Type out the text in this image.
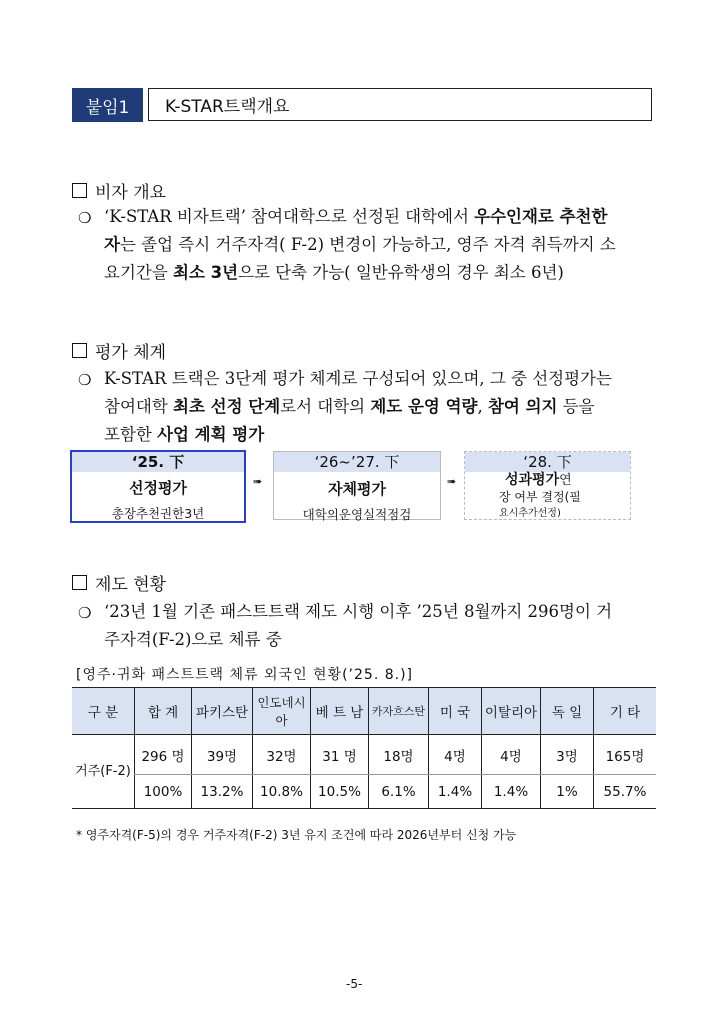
붙임1	K-STAR트랙개요
비자 개요
❍ ‘K-STAR 비자트랙’ 참여대학으로 선정된 대학에서 우수인재로 추천한
자는 졸업 즉시 거주자격( F-2) 변경이 가능하고, 영주 자격 취득까지 소
요기간을 최소 3년으로 단축 가능( 일반유학생의 경우 최소 6년)
평가 체계
❍ K-STAR 트랙은 3단계 평가 체계로 구성되어 있으며, 그 중 선정평가는
참여대학 최초 선정 단계로서 대학의 제도 운영 역량, 참여 의지 등을
포함한 사업 계획 평가
‘25. 下
선정평가
총장추천권한3년
➠
‘26~’27. 下
자체평가
대학의운영실적점검
➠
‘28. 下
성과평가연
장 여부 결정(필
요시추가선정)
제도 현황
❍ ‘23년 1월 기존 패스트트랙 제도 시행 이후 ’25년 8월까지 296명이 거
주자격(F-2)으로 체류 중
[영주·귀화 패스트트랙 체류 외국인 현황(’25. 8.)]
구 분	합 계	파키스탄	인도네시아	베 트 남	카자흐스탄	미 국	이탈리아	독 일	기 타
거주(F-2)	296 명	39명	32명	31 명	18명	4명	4명	3명	165명
	100%	13.2%	10.8%	10.5%	6.1%	1.4%	1.4%	1%	55.7%
* 영주자격(F-5)의 경우 거주자격(F-2) 3년 유지 조건에 따라 2026년부터 신청 가능
-5-
